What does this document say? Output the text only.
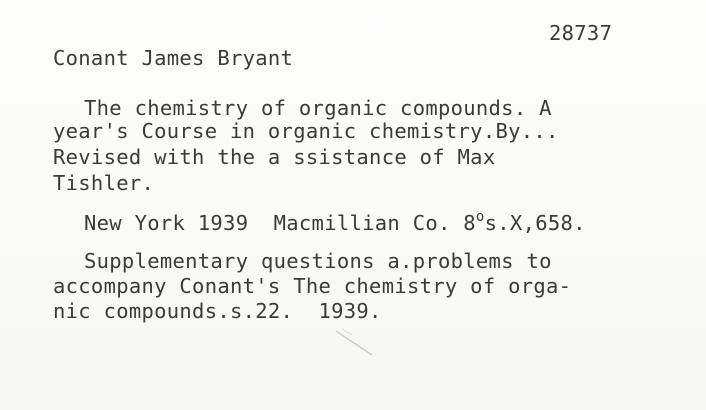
28737
Conant James Bryant
The chemistry of organic compounds. A
year's Course in organic chemistry.By...
Revised with the a ssistance of Max
Tishler.
New York 1939  Macmillian Co. 8$^o$s.X,658.
Supplementary questions a.problems to
accompany Conant's The chemistry of orga-
nic compounds.s.22.  1939.
